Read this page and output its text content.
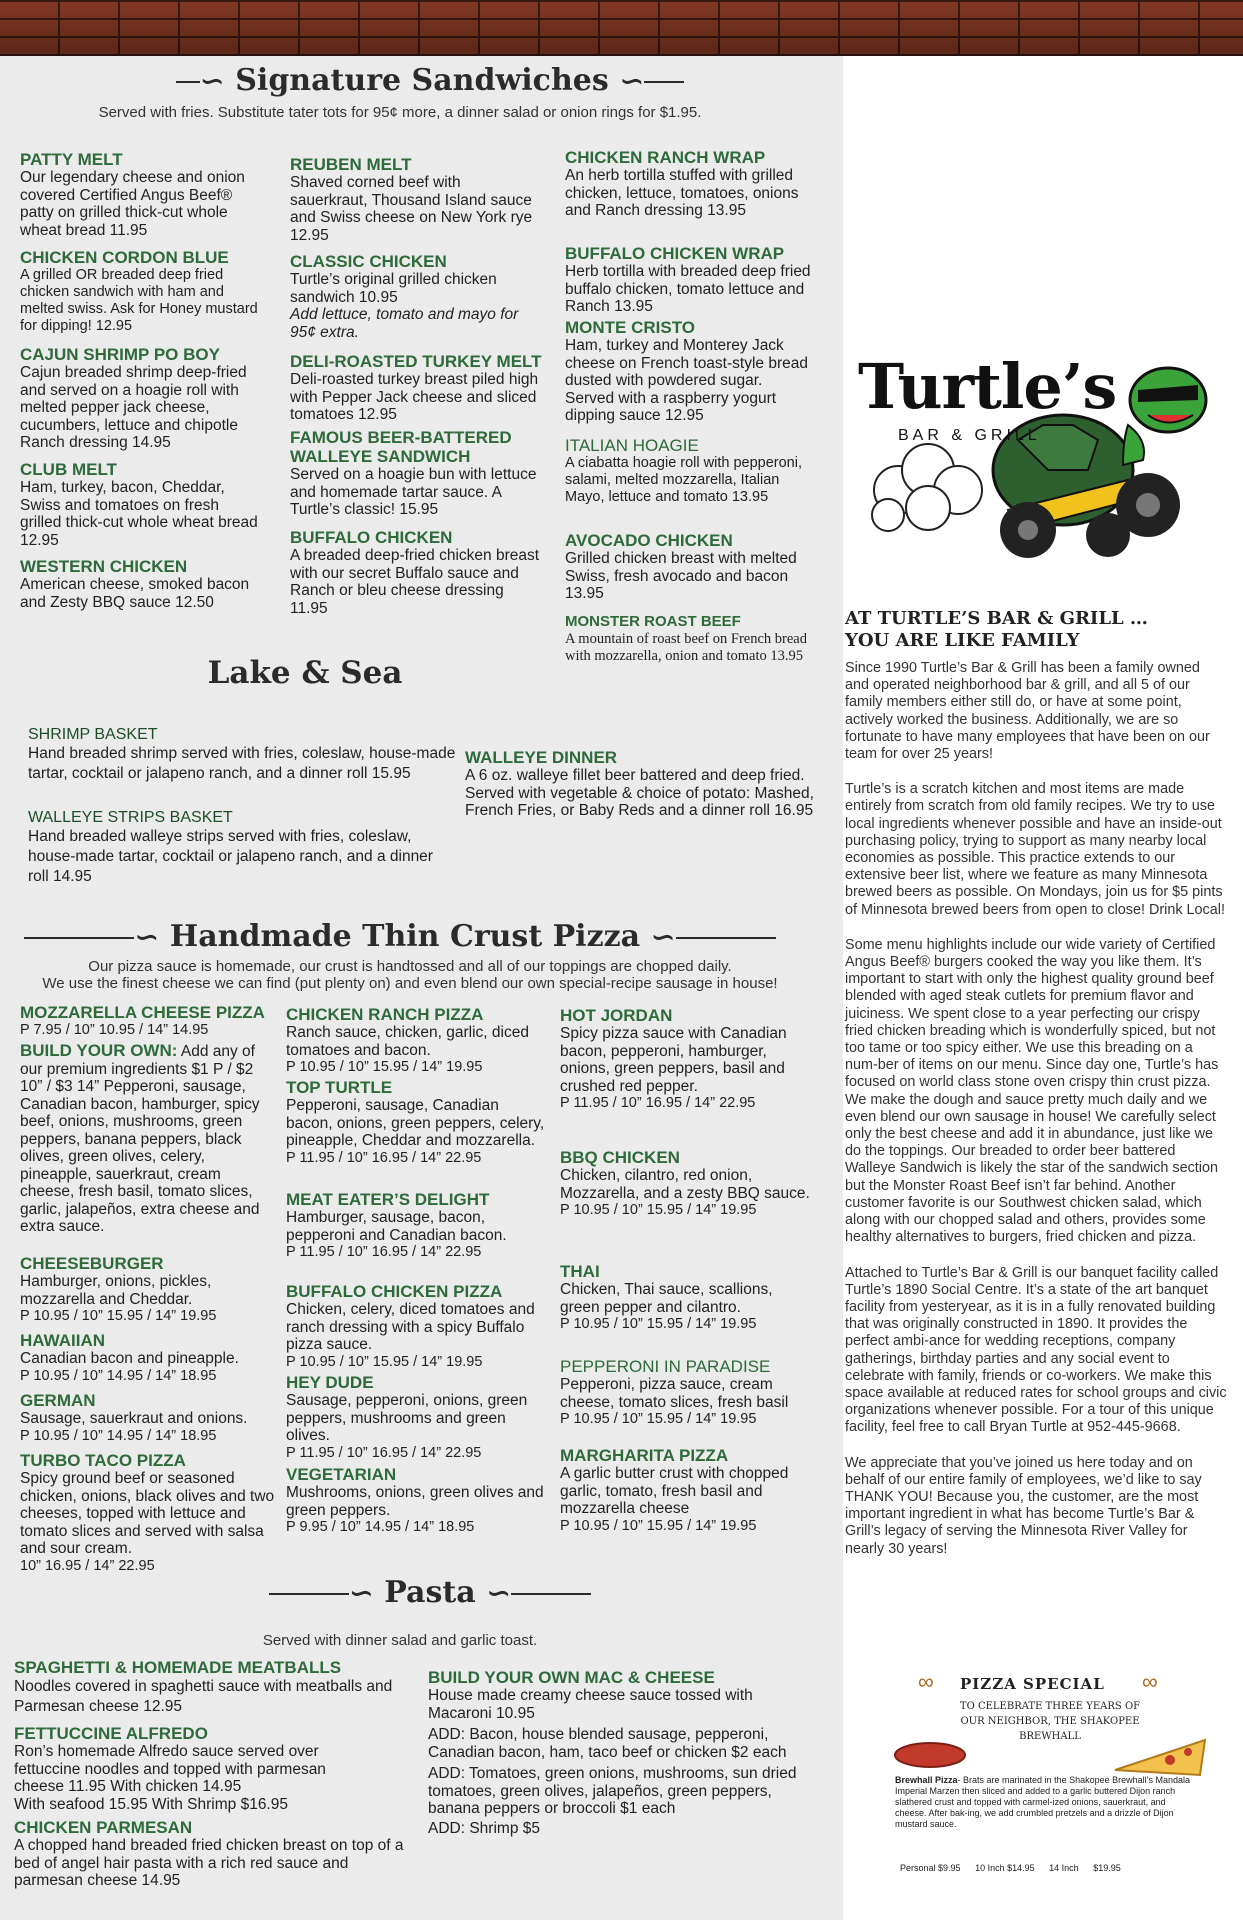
∽ Signature Sandwiches ∽
Served with fries. Substitute tater tots for 95¢ more, a dinner salad or onion rings for $1.95.
PATTY MELT
Our legendary cheese and onion covered Certified Angus Beef® patty on grilled thick-cut whole wheat bread 11.95
CHICKEN CORDON BLUE
A grilled OR breaded deep fried chicken sandwich with ham and melted swiss. Ask for Honey mustard for dipping! 12.95
CAJUN SHRIMP PO BOY
Cajun breaded shrimp deep-fried and served on a hoagie roll with melted pepper jack cheese, cucumbers, lettuce and chipotle Ranch dressing 14.95
CLUB MELT
Ham, turkey, bacon, Cheddar, Swiss and tomatoes on fresh grilled thick-cut whole wheat bread 12.95
WESTERN CHICKEN
American cheese, smoked bacon and Zesty BBQ sauce 12.50
REUBEN MELT
Shaved corned beef with sauerkraut, Thousand Island sauce and Swiss cheese on New York rye 12.95
CLASSIC CHICKEN
Turtle’s original grilled chicken sandwich 10.95
Add lettuce, tomato and mayo for 95¢ extra.
DELI-ROASTED TURKEY MELT
Deli-roasted turkey breast piled high with Pepper Jack cheese and sliced tomatoes 12.95
FAMOUS BEER-BATTERED WALLEYE SANDWICH
Served on a hoagie bun with lettuce and homemade tartar sauce. A Turtle’s classic! 15.95
BUFFALO CHICKEN
A breaded deep-fried chicken breast with our secret Buffalo sauce and Ranch or bleu cheese dressing 11.95
CHICKEN RANCH WRAP
An herb tortilla stuffed with grilled chicken, lettuce, tomatoes, onions and Ranch dressing 13.95
BUFFALO CHICKEN WRAP
Herb tortilla with breaded deep fried buffalo chicken, tomato lettuce and Ranch 13.95
MONTE CRISTO
Ham, turkey and Monterey Jack cheese on French toast-style bread dusted with powdered sugar. Served with a raspberry yogurt dipping sauce 12.95
ITALIAN HOAGIE
A ciabatta hoagie roll with pepperoni, salami, melted mozzarella, Italian Mayo, lettuce and tomato 13.95
AVOCADO CHICKEN
Grilled chicken breast with melted Swiss, fresh avocado and bacon 13.95
MONSTER ROAST BEEF
A mountain of roast beef on French bread with mozzarella, onion and tomato 13.95
Lake & Sea
SHRIMP BASKET
Hand breaded shrimp served with fries, coleslaw, house-made tartar, cocktail or jalapeno ranch, and a dinner roll 15.95
WALLEYE STRIPS BASKET
Hand breaded walleye strips served with fries, coleslaw, house-made tartar, cocktail or jalapeno ranch, and a dinner roll 14.95
WALLEYE DINNER
A 6 oz. walleye fillet beer battered and deep fried. Served with vegetable & choice of potato: Mashed, French Fries, or Baby Reds and a dinner roll 16.95
∽ Handmade Thin Crust Pizza ∽
Our pizza sauce is homemade, our crust is handtossed and all of our toppings are chopped daily.
We use the finest cheese we can find (put plenty on) and even blend our own special-recipe sausage in house!
MOZZARELLA CHEESE PIZZA
P 7.95 / 10” 10.95 / 14” 14.95
BUILD YOUR OWN: Add any of our premium ingredients $1 P / $2 10” / $3 14” Pepperoni, sausage, Canadian bacon, hamburger, spicy beef, onions, mushrooms, green peppers, banana peppers, black olives, green olives, celery, pineapple, sauerkraut, cream cheese, fresh basil, tomato slices, garlic, jalapeños, extra cheese and extra sauce.
CHEESEBURGER
Hamburger, onions, pickles, mozzarella and Cheddar.
P 10.95 / 10” 15.95 / 14” 19.95
HAWAIIAN
Canadian bacon and pineapple.
P 10.95 / 10” 14.95 / 14” 18.95
GERMAN
Sausage, sauerkraut and onions.
P 10.95 / 10” 14.95 / 14” 18.95
TURBO TACO PIZZA
Spicy ground beef or seasoned chicken, onions, black olives and two cheeses, topped with lettuce and tomato slices and served with salsa and sour cream.
10” 16.95 / 14” 22.95
CHICKEN RANCH PIZZA
Ranch sauce, chicken, garlic, diced tomatoes and bacon.
P 10.95 / 10” 15.95 / 14” 19.95
TOP TURTLE
Pepperoni, sausage, Canadian bacon, onions, green peppers, celery, pineapple, Cheddar and mozzarella.
P 11.95 / 10” 16.95 / 14” 22.95
MEAT EATER’S DELIGHT
Hamburger, sausage, bacon, pepperoni and Canadian bacon.
P 11.95 / 10” 16.95 / 14” 22.95
BUFFALO CHICKEN PIZZA
Chicken, celery, diced tomatoes and ranch dressing with a spicy Buffalo pizza sauce.
P 10.95 / 10” 15.95 / 14” 19.95
HEY DUDE
Sausage, pepperoni, onions, green peppers, mushrooms and green olives.
P 11.95 / 10” 16.95 / 14” 22.95
VEGETARIAN
Mushrooms, onions, green olives and green peppers.
P 9.95 / 10” 14.95 / 14” 18.95
HOT JORDAN
Spicy pizza sauce with Canadian bacon, pepperoni, hamburger, onions, green peppers, basil and crushed red pepper.
P 11.95 / 10” 16.95 / 14” 22.95
BBQ CHICKEN
Chicken, cilantro, red onion, Mozzarella, and a zesty BBQ sauce.
P 10.95 / 10” 15.95 / 14” 19.95
THAI
Chicken, Thai sauce, scallions, green pepper and cilantro.
P 10.95 / 10” 15.95 / 14” 19.95
PEPPERONI IN PARADISE
Pepperoni, pizza sauce, cream cheese, tomato slices, fresh basil
P 10.95 / 10” 15.95 / 14” 19.95
MARGHARITA PIZZA
A garlic butter crust with chopped garlic, tomato, fresh basil and mozzarella cheese
P 10.95 / 10” 15.95 / 14” 19.95
∽ Pasta ∽
Served with dinner salad and garlic toast.
SPAGHETTI & HOMEMADE MEATBALLS
Noodles covered in spaghetti sauce with meatballs and Parmesan cheese 12.95
FETTUCCINE ALFREDO
Ron’s homemade Alfredo sauce served over fettuccine noodles and topped with parmesan cheese 11.95 With chicken 14.95
With seafood 15.95 With Shrimp $16.95
CHICKEN PARMESAN
A chopped hand breaded fried chicken breast on top of a bed of angel hair pasta with a rich red sauce and parmesan cheese 14.95
BUILD YOUR OWN MAC & CHEESE
House made creamy cheese sauce tossed with Macaroni 10.95
ADD: Bacon, house blended sausage, pepperoni, Canadian bacon, ham, taco beef or chicken $2 each
ADD: Tomatoes, green onions, mushrooms, sun dried tomatoes, green olives, jalapeños, green peppers, banana peppers or broccoli $1 each
ADD: Shrimp $5
Turtle’s
BAR & GRILL
AT TURTLE’S BAR & GRILL …
YOU ARE LIKE FAMILY

Since 1990 Turtle’s Bar & Grill has been a family owned and operated neighborhood bar & grill, and all 5 of our family members either still do, or have at some point, actively worked the business. Additionally, we are so fortunate to have many employees that have been on our team for over 25 years!

Turtle’s is a scratch kitchen and most items are made entirely from scratch from old family recipes. We try to use local ingredients whenever possible and have an inside-out purchasing policy, trying to support as many nearby local economies as possible. This practice extends to our extensive beer list, where we feature as many Minnesota brewed beers as possible. On Mondays, join us for $5 pints of Minnesota brewed beers from open to close! Drink Local!

Some menu highlights include our wide variety of Certified Angus Beef® burgers cooked the way you like them. It’s important to start with only the highest quality ground beef blended with aged steak cutlets for premium flavor and juiciness. We spent close to a year perfecting our crispy fried chicken breading which is wonderfully spiced, but not too tame or too spicy either. We use this breading on a num-ber of items on our menu. Since day one, Turtle’s has focused on world class stone oven crispy thin crust pizza. We make the dough and sauce pretty much daily and we even blend our own sausage in house! We carefully select only the best cheese and add it in abundance, just like we do the toppings. Our breaded to order beer battered Walleye Sandwich is likely the star of the sandwich section but the Monster Roast Beef isn’t far behind. Another customer favorite is our Southwest chicken salad, which along with our chopped salad and others, provides some healthy alternatives to burgers, fried chicken and pizza.

Attached to Turtle’s Bar & Grill is our banquet facility called Turtle’s 1890 Social Centre. It’s a state of the art banquet facility from yesteryear, as it is in a fully renovated building that was originally constructed in 1890. It provides the perfect ambi-ance for wedding receptions, company gatherings, birthday parties and any social event to celebrate with family, friends or co-workers. We make this space available at reduced rates for school groups and civic organizations whenever possible. For a tour of this unique facility, feel free to call Bryan Turtle at 952-445-9668.

We appreciate that you’ve joined us here today and on behalf of our entire family of employees, we’d like to say THANK YOU! Because you, the customer, are the most important ingredient in what has become Turtle’s Bar & Grill’s legacy of serving the Minnesota River Valley for nearly 30 years!

∞	∞
PIZZA SPECIAL
TO CELEBRATE THREE YEARS OF
OUR NEIGHBOR, THE SHAKOPEE
BREWHALL
Brewhall Pizza- Brats are marinated in the Shakopee Brewhall’s Mandala Imperial Marzen then sliced and added to a garlic buttered Dijon ranch slathered crust and topped with carmel-ized onions, sauerkraut, and cheese. After bak-ing, we add crumbled pretzels and a drizzle of Dijon mustard sauce.
Personal $9.95 10 Inch $14.95 14 Inch $19.95
